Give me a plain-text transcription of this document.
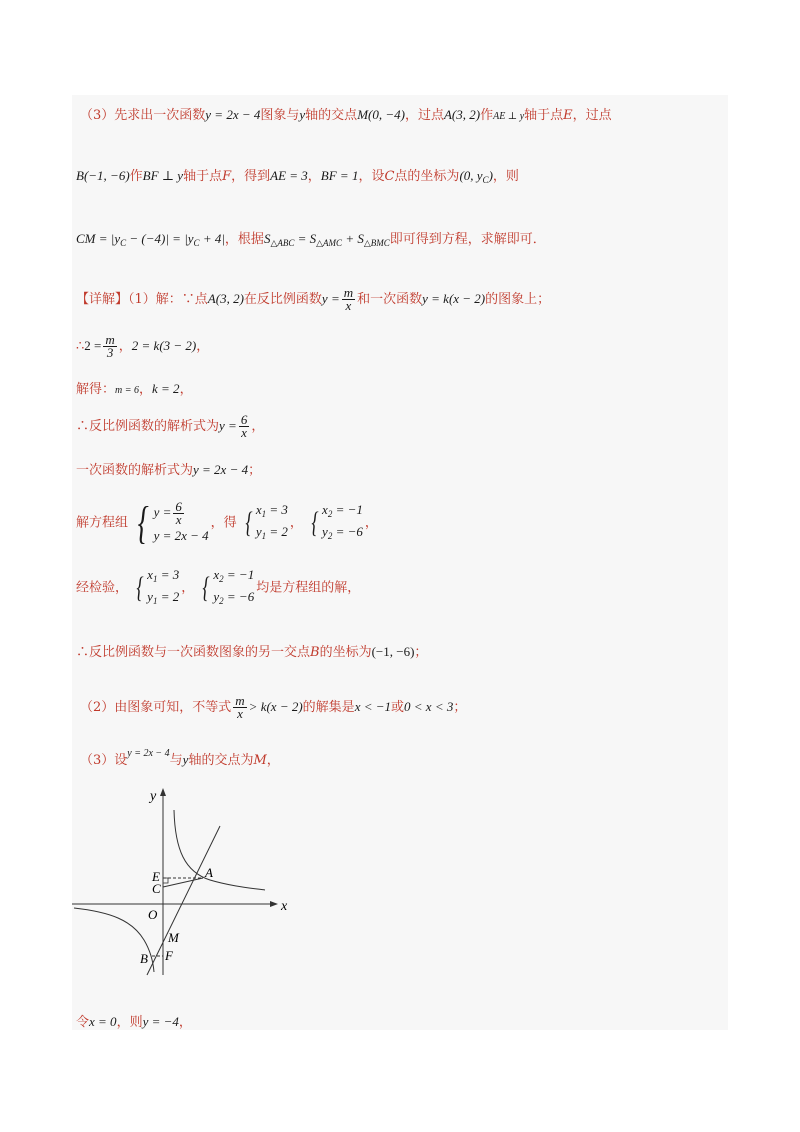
（3）先求出一次函数y = 2x − 4图象与y轴的交点M(0, −4)，过点A(3, 2)作AE ⊥ y轴于点E，过点
B(−1, −6)作BF ⊥ y轴于点F，得到AE = 3，BF = 1，设C点的坐标为(0, $y_C$)，则
CM = $|y_C - (-4)| = |y_C + 4|$，根据$S_{\triangle ABC} = S_{\triangle AMC} + S_{\triangle BMC}$即可得到方程，求解即可．
【详解】（1）解：∵点A(3, 2)在反比例函数$y = \frac{m}{x}$ 和一次函数y = k(x − 2)的图象上；
∴2 = $\frac{m}{3}$ ，2 = k(3 − 2)，
解得：m = 6，k = 2，
∴反比例函数的解析式为$y = \frac{6}{x}$ ，
一次函数的解析式为y = 2x − 4；
解方程组 { $y = \frac{6}{x}$
y = 2x − 4
，得 { $x_1 = 3$
$y_1 = 2$
， { $x_2 = -1$
$y_2 = -6$
，
经检验， { $x_1 = 3$
$y_1 = 2$
， { $x_2 = -1$
$y_2 = -6$
均是方程组的解，
∴反比例函数与一次函数图象的另一交点B的坐标为(−1, −6)；
（2）由图象可知，不等式 $\frac{m}{x} > k(x - 2)$的解集是x < −1或0 < x < 3；
（3）设$^{y = 2x - 4}$与y轴的交点为M，
x
y
O
A
B
C
E
F
M
令x = 0，则y = −4，
